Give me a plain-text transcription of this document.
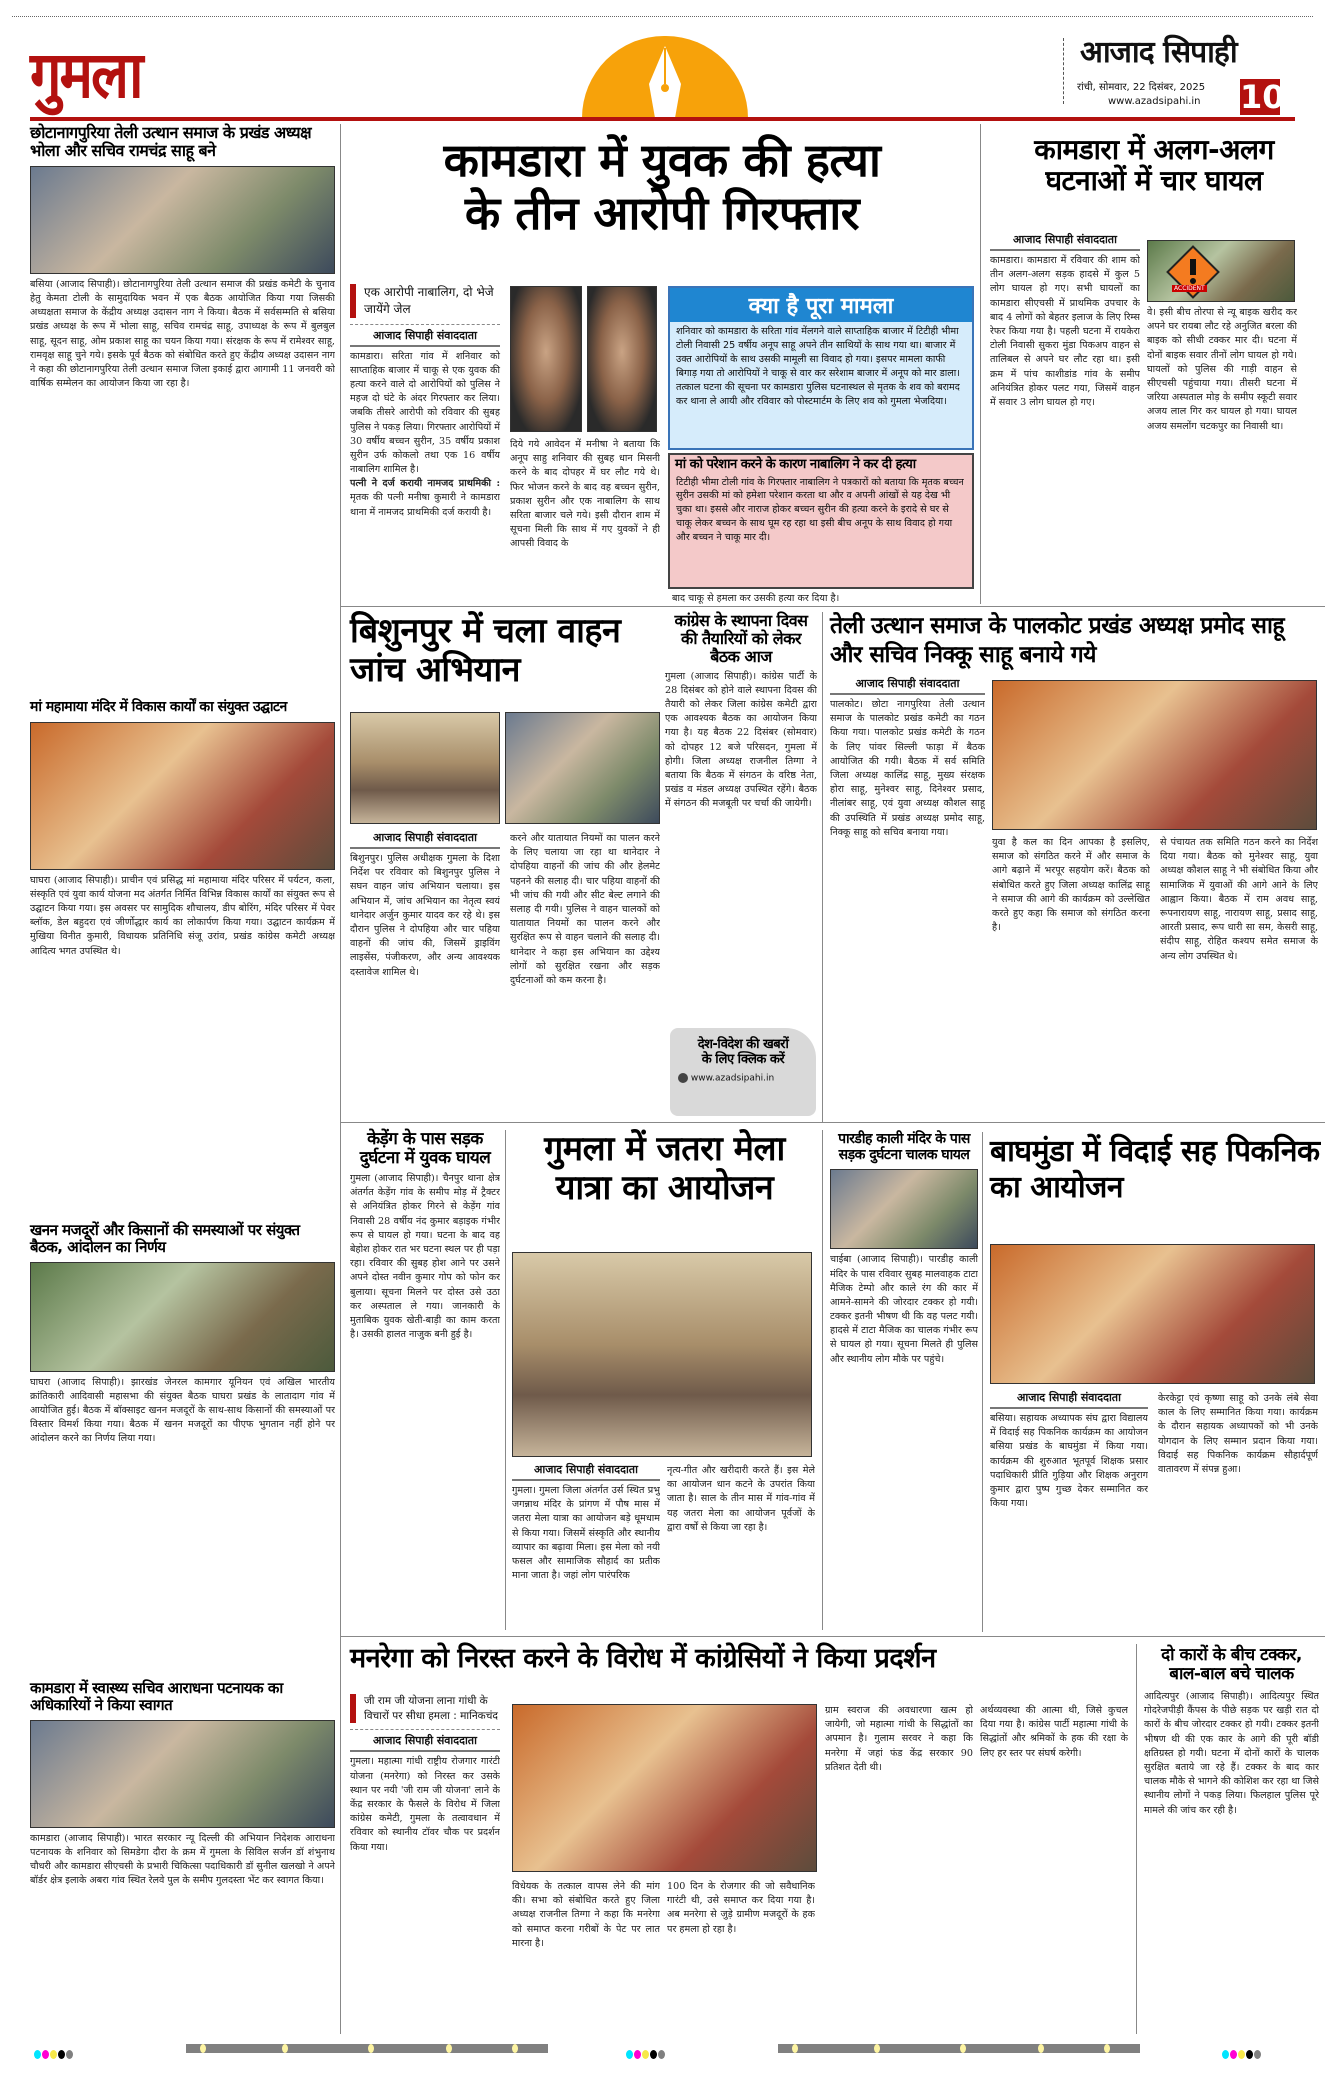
गुमला	आजाद सिपाही
रांची, सोमवार, 22 दिसंबर, 2025
www.azadsipahi.in 10
छोटानागपुरिया तेली उत्थान समाज के प्रखंड अध्यक्ष भोला और सचिव रामचंद्र साहू बने
बसिया (आजाद सिपाही)। छोटानागपुरिया तेली उत्थान समाज की प्रखंड कमेटी के चुनाव हेतु केमता टोली के सामुदायिक भवन में एक बैठक आयोजित किया गया जिसकी अध्यक्षता समाज के केंद्रीय अध्यक्ष उदासन नाग ने किया। बैठक में सर्वसम्मति से बसिया प्रखंड अध्यक्ष के रूप में भोला साहू, सचिव रामचंद्र साहू, उपाध्यक्ष के रूप में बुलबुल साहू, सूदन साहू, ओम प्रकाश साहू का चयन किया गया। संरक्षक के रूप में रामेश्वर साहू, रामवृक्ष साहू चुने गये। इसके पूर्व बैठक को संबोधित करते हुए केंद्रीय अध्यक्ष उदासन नाग ने कहा की छोटानागपुरिया तेली उत्थान समाज जिला इकाई द्वारा आगामी 11 जनवरी को वार्षिक सम्मेलन का आयोजन किया जा रहा है।
मां महामाया मंदिर में विकास कार्यों का संयुक्त उद्घाटन
घाघरा (आजाद सिपाही)। प्राचीन एवं प्रसिद्ध मां महामाया मंदिर परिसर में पर्यटन, कला, संस्कृति एवं युवा कार्य योजना मद अंतर्गत निर्मित विभिन्न विकास कार्यों का संयुक्त रूप से उद्घाटन किया गया। इस अवसर पर सामुदिक शौचालय, डीप बोरिंग, मंदिर परिसर में पेवर ब्लॉक, डेल बहुदरा एवं जीर्णोद्धार कार्य का लोकार्पण किया गया। उद्घाटन कार्यक्रम में मुखिया विनीत कुमारी, विधायक प्रतिनिधि संजू उरांव, प्रखंड कांग्रेस कमेटी अध्यक्ष आदित्य भगत उपस्थित थे।
खनन मजदूरों और किसानों की समस्याओं पर संयुक्त बैठक, आंदोलन का निर्णय
घाघरा (आजाद सिपाही)। झारखंड जेनरल कामगार यूनियन एवं अखिल भारतीय क्रांतिकारी आदिवासी महासभा की संयुक्त बैठक घाघरा प्रखंड के लातादाग गांव में आयोजित हुई। बैठक में बॉक्साइट खनन मजदूरों के साथ-साथ किसानों की समस्याओं पर विस्तार विमर्श किया गया। बैठक में खनन मजदूरों का पीएफ भुगतान नहीं होने पर आंदोलन करने का निर्णय लिया गया।
कामडारा में स्वास्थ्य सचिव आराधना पटनायक का अधिकारियों ने किया स्वागत
कामडारा (आजाद सिपाही)। भारत सरकार न्यू दिल्ली की अभियान निदेशक आराधना पटनायक के शनिवार को सिमडेगा दौरा के क्रम में गुमला के सिविल सर्जन डॉ शंभुनाथ चौधरी और कामडारा सीएचसी के प्रभारी चिकित्सा पदाधिकारी डॉ सुनील खलखो ने अपने बॉर्डर क्षेत्र इलाके अबरा गांव स्थित रेलवे पुल के समीप गुलदस्ता भेंट कर स्वागत किया।
कामडारा में युवक की हत्या
के तीन आरोपी गिरफ्तार
एक आरोपी नाबालिग, दो भेजे जायेंगे जेल
आजाद सिपाही संवाददाता
कामडारा। सरिता गांव में शनिवार को साप्ताहिक बाजार में चाकू से एक युवक की हत्या करने वाले दो आरोपियों को पुलिस ने महज दो घंटे के अंदर गिरफ्तार कर लिया। जबकि तीसरे आरोपी को रविवार की सुबह पुलिस ने पकड़ लिया। गिरफ्तार आरोपियों में 30 वर्षीय बच्चन सुरीन, 35 वर्षीय प्रकाश सुरीन उर्फ कोकलो तथा एक 16 वर्षीय नाबालिग शामिल है।
पत्नी ने दर्ज करायी नामजद प्राथमिकी : मृतक की पत्नी मनीषा कुमारी ने कामडारा थाना में नामजद प्राथमिकी दर्ज करायी है।
दिये गये आवेदन में मनीषा ने बताया कि अनूप साहु शनिवार की सुबह धान मिसनी करने के बाद दोपहर में घर लौट गये थे। फिर भोजन करने के बाद वह बच्चन सुरीन, प्रकाश सुरीन और एक नाबालिग के साथ सरिता बाजार चले गये। इसी दौरान शाम में सूचना मिली कि साथ में गए युवकों ने ही आपसी विवाद के
क्या है पूरा मामला
शनिवार को कामडारा के सरिता गांव मेंलगने वाले साप्ताहिक बाजार में टिटीही भीमा टोली निवासी 25 वर्षीय अनूप साहू अपने तीन साथियों के साथ गया था। बाजार में उक्त आरोपियों के साथ उसकी मामूली सा विवाद हो गया। इसपर मामला काफी बिगाड़ गया तो आरोपियों ने चाकू से वार कर सरेशाम बाजार में अनूप को मार डाला।तत्काल घटना की सूचना पर कामडारा पुलिस घटनास्थल से मृतक के शव को बरामद कर थाना ले आयी और रविवार को पोस्टमार्टम के लिए शव को गुमला भेजदिया।
मां को परेशान करने के कारण नाबालिग ने कर दी हत्या
टिटीही भीमा टोली गांव के गिरफ्तार नाबालिग ने पत्रकारों को बताया कि मृतक बच्चन सुरीन उसकी मां को हमेशा परेशान करता था और व अपनी आंखों से यह देख भी चुका था। इससे और नाराज होकर बच्चन सुरीन की हत्या करने के इरादे से घर से चाकू लेकर बच्चन के साथ घूम रह रहा था इसी बीच अनूप के साथ विवाद हो गया और बच्चन ने चाकू मार दी।
बाद चाकू से हमला कर उसकी हत्या कर दिया है।
कामडारा में अलग-अलग घटनाओं में चार घायल
आजाद सिपाही संवाददाता
कामडारा। कामडारा में रविवार की शाम को तीन अलग-अलग सड़क हादसे में कुल 5 लोग घायल हो गए। सभी घायलों का कामडारा सीएचसी में प्राथमिक उपचार के बाद 4 लोगों को बेहतर इलाज के लिए रिम्स रेफर किया गया है। पहली घटना में रायकेरा टोली निवासी सुकरा मुंडा पिकअप वाहन से तालिबल से अपने घर लौट रहा था। इसी क्रम में पांच काशीडांड गांव के समीप अनियंत्रित होकर पलट गया, जिसमें वाहन में सवार 3 लोग घायल हो गए।
ACCIDENT
वे। इसी बीच तोरपा से न्यू बाइक खरीद कर अपने घर रायबा लौट रहे अनुजित बरला की बाइक को सीधी टक्कर मार दी। घटना में दोनों बाइक सवार तीनों लोग घायल हो गये। घायलों को पुलिस की गाड़ी वाहन से सीएचसी पहुंचाया गया। तीसरी घटना में जरिया अस्पताल मोड़ के समीप स्कूटी सवार अजय लाल गिर कर घायल हो गया। घायल अजय समलोंग चटकपुर का निवासी था।
बिशुनपुर में चला वाहन जांच अभियान
आजाद सिपाही संवाददाता
बिशुनपुर। पुलिस अधीक्षक गुमला के दिशा निर्देश पर रविवार को बिशुनपुर पुलिस ने सघन वाहन जांच अभियान चलाया। इस अभियान में, जांच अभियान का नेतृत्व स्वयं थानेदार अर्जुन कुमार यादव कर रहे थे। इस दौरान पुलिस ने दोपहिया और चार पहिया वाहनों की जांच की, जिसमें ड्राइविंग लाइसेंस, पंजीकरण, और अन्य आवश्यक दस्तावेज शामिल थे।
करने और यातायात नियमों का पालन करने के लिए चलाया जा रहा था थानेदार ने दोपहिया वाहनों की जांच की और हेलमेट पहनने की सलाह दी। चार पहिया वाहनों की भी जांच की गयी और सीट बेल्ट लगाने की सलाह दी गयी। पुलिस ने वाहन चालकों को यातायात नियमों का पालन करने और सुरक्षित रूप से वाहन चलाने की सलाह दी। थानेदार ने कहा इस अभियान का उद्देश्य लोगों को सुरक्षित रखना और सड़क दुर्घटनाओं को कम करना है।
कांग्रेस के स्थापना दिवस की तैयारियों को लेकर बैठक आज
गुमला (आजाद सिपाही)। कांग्रेस पार्टी के 28 दिसंबर को होने वाले स्थापना दिवस की तैयारी को लेकर जिला कांग्रेस कमेटी द्वारा एक आवश्यक बैठक का आयोजन किया गया है। यह बैठक 22 दिसंबर (सोमवार) को दोपहर 12 बजे परिसदन, गुमला में होगी। जिला अध्यक्ष राजनील तिग्गा ने बताया कि बैठक में संगठन के वरिष्ठ नेता, प्रखंड व मंडल अध्यक्ष उपस्थित रहेंगे। बैठक में संगठन की मजबूती पर चर्चा की जायेगी।
देश-विदेश की खबरों
के लिए क्लिक करें
www.azadsipahi.in
तेली उत्थान समाज के पालकोट प्रखंड अध्यक्ष प्रमोद साहू और सचिव निक्कू साहू बनाये गये
आजाद सिपाही संवाददाता
पालकोट। छोटा नागपुरिया तेली उत्थान समाज के पालकोट प्रखंड कमेटी का गठन किया गया। पालकोट प्रखंड कमेटी के गठन के लिए पांवर सिल्ली फाड़ा में बैठक आयोजित की गयी। बैठक में सर्व समिति जिला अध्यक्ष कालिंद्र साहू, मुख्य संरक्षक होरा साहू, मुनेश्वर साहू, दिनेश्वर प्रसाद, नीलांबर साहू, एवं युवा अध्यक्ष कौशल साहू की उपस्थिति में प्रखंड अध्यक्ष प्रमोद साहू, निक्कू साहू को सचिव बनाया गया।
युवा है कल का दिन आपका है इसलिए, समाज को संगठित करने में और समाज के आगे बढ़ाने में भरपूर सहयोग करें। बैठक को संबोधित करते हुए जिला अध्यक्ष कालिंद्र साहू ने समाज की आगे की कार्यक्रम को उल्लेखित करते हुए कहा कि समाज को संगठित करना है।
से पंचायत तक समिति गठन करने का निर्देश दिया गया। बैठक को मुनेश्वर साहू, युवा अध्यक्ष कौशल साहू ने भी संबोधित किया और सामाजिक में युवाओं की आगे आने के लिए आह्वान किया। बैठक में राम अवध साहू, रूपनारायण साहू, नारायण साहू, प्रसाद साहू, आरती प्रसाद, रूप धारी सा सम, केसरी साहू, संदीप साहू, रोहित कश्यप समेत समाज के अन्य लोग उपस्थित थे।
केड़ेंग के पास सड़क दुर्घटना में युवक घायल
गुमला (आजाद सिपाही)। चैनपुर थाना क्षेत्र अंतर्गत केड़ेंग गांव के समीप मोड़ में ट्रैक्टर से अनियंत्रित होकर गिरने से केड़ेंग गांव निवासी 28 वर्षीय नंद कुमार बड़ाइक गंभीर रूप से घायल हो गया। घटना के बाद वह बेहोश होकर रात भर घटना स्थल पर ही पड़ा रहा। रविवार की सुबह होश आने पर उसने अपने दोस्त नवीन कुमार गोप को फोन कर बुलाया। सूचना मिलने पर दोस्त उसे उठा कर अस्पताल ले गया। जानकारी के मुताबिक युवक खेती-बाड़ी का काम करता है। उसकी हालत नाजुक बनी हुई है।
गुमला में जतरा मेला यात्रा का आयोजन
आजाद सिपाही संवाददाता
गुमला। गुमला जिला अंतर्गत उर्स स्थित प्रभु जगन्नाथ मंदिर के प्रांगण में पौष मास में जतरा मेला यात्रा का आयोजन बड़े धूमधाम से किया गया। जिसमें संस्कृति और स्थानीय व्यापार का बढ़ावा मिला। इस मेला को नयी फसल और सामाजिक सौहार्द का प्रतीक माना जाता है। जहां लोग पारंपरिक
नृत्य-गीत और खरीदारी करते हैं। इस मेले का आयोजन धान कटने के उपरांत किया जाता है। साल के तीन मास में गांव-गांव में यह जतरा मेला का आयोजन पूर्वजों के द्वारा वर्षों से किया जा रहा है।
पारडीह काली मंदिर के पास सड़क दुर्घटना चालक घायल
चाईबा (आजाद सिपाही)। पारडीह काली मंदिर के पास रविवार सुबह मालवाहक टाटा मैजिक टेम्पो और काले रंग की कार में आमने-सामने की जोरदार टक्कर हो गयी। टक्कर इतनी भीषण थी कि वह पलट गयी। हादसे में टाटा मैजिक का चालक गंभीर रूप से घायल हो गया। सूचना मिलते ही पुलिस और स्थानीय लोग मौके पर पहुंचे।
बाघमुंडा में विदाई सह पिकनिक का आयोजन
आजाद सिपाही संवाददाता
बसिया। सहायक अध्यापक संघ द्वारा विद्यालय में विदाई सह पिकनिक कार्यक्रम का आयोजन बसिया प्रखंड के बाघमुंडा में किया गया। कार्यक्रम की शुरुआत भूतपूर्व शिक्षक प्रसार पदाधिकारी प्रीति गुड़िया और शिक्षक अनुराग कुमार द्वारा पुष्प गुच्छ देकर सम्मानित कर किया गया।
केरकेट्टा एवं कृष्णा साहू को उनके लंबे सेवा काल के लिए सम्मानित किया गया। कार्यक्रम के दौरान सहायक अध्यापकों को भी उनके योगदान के लिए सम्मान प्रदान किया गया। विदाई सह पिकनिक कार्यक्रम सौहार्दपूर्ण वातावरण में संपन्न हुआ।
मनरेगा को निरस्त करने के विरोध में कांग्रेसियों ने किया प्रदर्शन
जी राम जी योजना लाना गांधी के विचारों पर सीधा हमला : मानिकचंद
आजाद सिपाही संवाददाता
गुमला। महात्मा गांधी राष्ट्रीय रोजगार गारंटी योजना (मनरेगा) को निरस्त कर उसके स्थान पर नयी 'जी राम जी योजना' लाने के केंद्र सरकार के फैसले के विरोध में जिला कांग्रेस कमेटी, गुमला के तत्वावधान में रविवार को स्थानीय टॉवर चौक पर प्रदर्शन किया गया।
विधेयक के तत्काल वापस लेने की मांग की। सभा को संबोधित करते हुए जिला अध्यक्ष राजनील तिग्गा ने कहा कि मनरेगा को समाप्त करना गरीबों के पेट पर लात मारना है।
100 दिन के रोजगार की जो सवैधानिक गारंटी थी, उसे समाप्त कर दिया गया है। अब मनरेगा से जुड़े ग्रामीण मजदूरों के हक पर हमला हो रहा है।
ग्राम स्वराज की अवधारणा खत्म हो जायेगी, जो महात्मा गांधी के सिद्धांतों का अपमान है। गुलाम सरवर ने कहा कि मनरेगा में जहां फंड केंद्र सरकार 90 प्रतिशत देती थी।
अर्थव्यवस्था की आत्मा थी, जिसे कुचल दिया गया है। कांग्रेस पार्टी महात्मा गांधी के सिद्धांतों और श्रमिकों के हक की रक्षा के लिए हर स्तर पर संघर्ष करेगी।
दो कारों के बीच टक्कर, बाल-बाल बचे चालक
आदित्यपुर (आजाद सिपाही)। आदित्यपुर स्थित गोदरेजपीड़ी कैंपस के पीछे सड़क पर खड़ी रात दो कारों के बीच जोरदार टक्कर हो गयी। टक्कर इतनी भीषण थी की एक कार के आगे की पूरी बॉडी क्षतिग्रस्त हो गयी। घटना में दोनों कारों के चालक सुरक्षित बताये जा रहे हैं। टक्कर के बाद कार चालक मौके से भागने की कोशिश कर रहा था जिसे स्थानीय लोगों ने पकड़ लिया। फिलहाल पुलिस पूरे मामले की जांच कर रही है।
